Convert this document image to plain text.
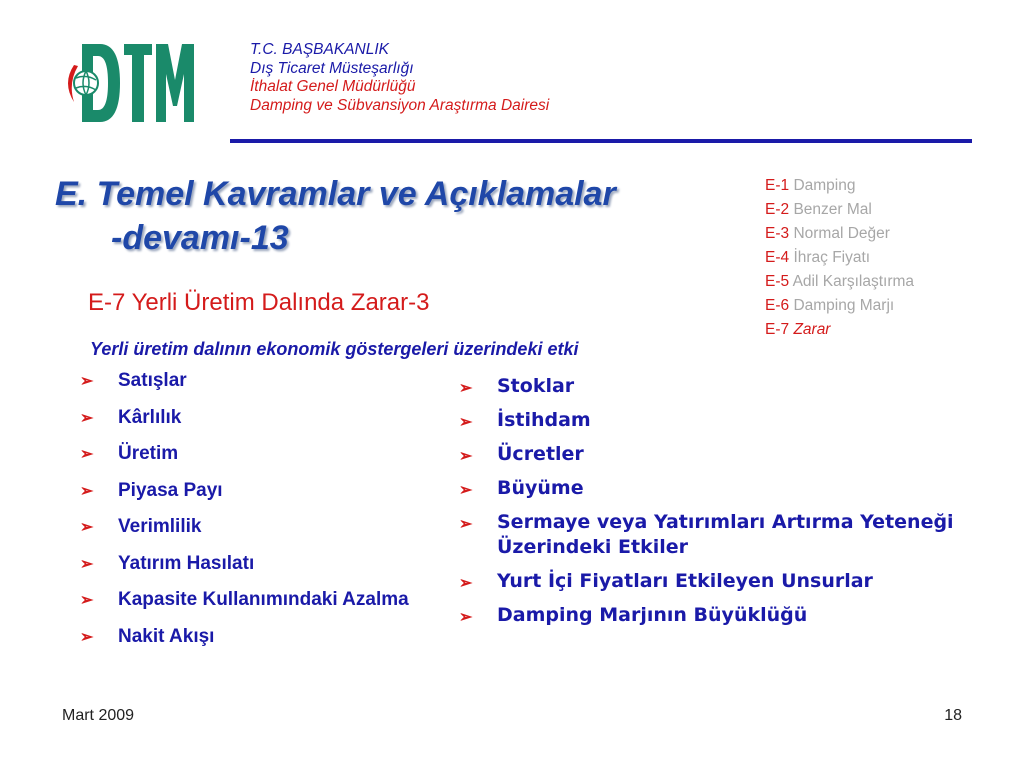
T.C. BAŞBAKANLIK
Dış Ticaret Müsteşarlığı
İthalat Genel Müdürlüğü
Damping ve Sübvansiyon Araştırma Dairesi
E. Temel Kavramlar ve Açıklamalar
-devamı-13
E-1 Damping
E-2 Benzer Mal
E-3 Normal Değer
E-4 İhraç Fiyatı
E-5 Adil Karşılaştırma
E-6 Damping Marjı
E-7 Zarar
E-7 Yerli Üretim Dalında Zarar-3
Yerli üretim dalının ekonomik göstergeleri üzerindeki etki
➢ Satışlar
➢ Kârlılık
➢ Üretim
➢ Piyasa Payı
➢ Verimlilik
➢ Yatırım Hasılatı
➢ Kapasite Kullanımındaki Azalma
➢ Nakit Akışı
➢ Stoklar
➢ İstihdam
➢ Ücretler
➢ Büyüme
➢ Sermaye veya Yatırımları Artırma Yeteneği Üzerindeki Etkiler
➢ Yurt İçi Fiyatları Etkileyen Unsurlar
➢ Damping Marjının Büyüklüğü
Mart 2009	18
